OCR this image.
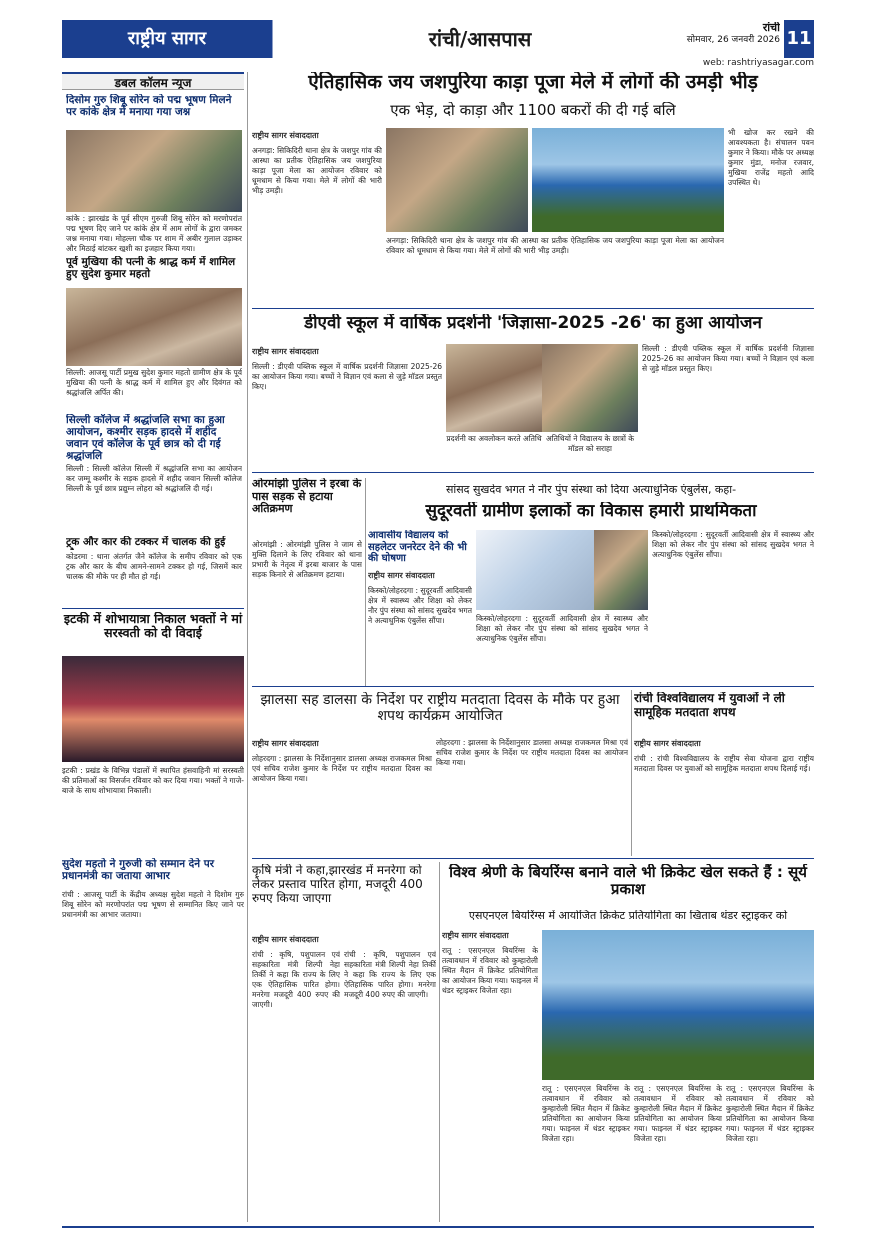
राष्ट्रीय सागर	रांची/आसपास	रांची
सोमवार, 26 जनवरी 2026 11
web: rashtriyasagar.com
डबल कॉलम न्यूज
दिसोम गुरु शिबू सोरेन को पद्म भूषण मिलने पर कांके क्षेत्र में मनाया गया जश्न
कांके : झारखंड के पूर्व सीएम गुरुजी शिबू सोरेन को मरणोपरांत पद्म भूषण दिए जाने पर कांके क्षेत्र में आम लोगों के द्वारा जमकर जश्न मनाया गया। मोहल्ला चौक पर शाम में अबीर गुलाल उड़ाकर और मिठाई बांटकर खुशी का इजहार किया गया।
पूर्व मुखिया की पत्नी के श्राद्ध कर्म में शामिल हुए सुदेश कुमार महतो
सिल्ली: आजसू पार्टी प्रमुख सुदेश कुमार महतो ग्रामीण क्षेत्र के पूर्व मुखिया की पत्नी के श्राद्ध कर्म में शामिल हुए और दिवंगत को श्रद्धांजलि अर्पित की।
सिल्ली कॉलेज में श्रद्धांजलि सभा का हुआ आयोजन, कश्मीर सड़क हादसे में शहीद जवान एवं कॉलेज के पूर्व छात्र को दी गई श्रद्धांजलि
सिल्ली : सिल्ली कॉलेज सिल्ली में श्रद्धांजलि सभा का आयोजन कर जम्मू कश्मीर के सड़क हादसे में शहीद जवान सिल्ली कॉलेज सिल्ली के पूर्व छात्र प्रद्युम्न लोहरा को श्रद्धांजलि दी गई।
ट्रक और कार की टक्कर में चालक की हुई
कोडरमा : थाना अंतर्गत जैने कॉलेज के समीप रविवार को एक ट्रक और कार के बीच आमने-सामने टक्कर हो गई, जिसमें कार चालक की मौके पर ही मौत हो गई।
इटकी में शोभायात्रा निकाल भक्तों ने मां सरस्वती को दी विदाई
इटकी : प्रखंड के विभिन्न पंडालों में स्थापित हंसवाहिनी मां सरस्वती की प्रतिमाओं का विसर्जन रविवार को कर दिया गया। भक्तों ने गाजे-बाजे के साथ शोभायात्रा निकाली।
सुदेश महतो ने गुरुजी को सम्मान देने पर प्रधानमंत्री का जताया आभार
रांची : आजसू पार्टी के केंद्रीय अध्यक्ष सुदेश महतो ने दिशोम गुरु शिबू सोरेन को मरणोपरांत पद्म भूषण से सम्मानित किए जाने पर प्रधानमंत्री का आभार जताया।
ऐतिहासिक जय जशपुरिया काड़ा पूजा मेले में लोगों की उमड़ी भीड़
एक भेड़, दो काड़ा और 1100 बकरों की दी गई बलि
राष्ट्रीय सागर संवाददाता
अनगड़ा: सिकिदिरी थाना क्षेत्र के जशपुर गांव की आस्था का प्रतीक ऐतिहासिक जय जशपुरिया काड़ा पूजा मेला का आयोजन रविवार को धूमधाम से किया गया। मेले में लोगों की भारी भीड़ उमड़ी।
अनगड़ा: सिकिदिरी थाना क्षेत्र के जशपुर गांव की आस्था का प्रतीक ऐतिहासिक जय जशपुरिया काड़ा पूजा मेला का आयोजन रविवार को धूमधाम से किया गया। मेले में लोगों की भारी भीड़ उमड़ी।
भी खोज कर रखने की आवश्यकता है। संचालन पवन कुमार ने किया। मौके पर अध्यक्ष कुमार मुंडा, मनोज रजवार, मुखिया राजेंद्र महतो आदि उपस्थित थे।
डीएवी स्कूल में वार्षिक प्रदर्शनी 'जिज्ञासा-2025 -26' का हुआ आयोजन
राष्ट्रीय सागर संवाददाता
सिल्ली : डीएवी पब्लिक स्कूल में वार्षिक प्रदर्शनी जिज्ञासा 2025-26 का आयोजन किया गया। बच्चों ने विज्ञान एवं कला से जुड़े मॉडल प्रस्तुत किए।
प्रदर्शनी का अवलोकन करते अतिथि अतिथियों ने विद्यालय के छात्रों के मॉडल को सराहा
सिल्ली : डीएवी पब्लिक स्कूल में वार्षिक प्रदर्शनी जिज्ञासा 2025-26 का आयोजन किया गया। बच्चों ने विज्ञान एवं कला से जुड़े मॉडल प्रस्तुत किए।
ओरमांझी पुलिस ने इरबा के पास सड़क से हटाया अतिक्रमण
ओरमांझी : ओरमांझी पुलिस ने जाम से मुक्ति दिलाने के लिए रविवार को थाना प्रभारी के नेतृत्व में इरबा बाजार के पास सड़क किनारे से अतिक्रमण हटाया।
सांसद सुखदेव भगत ने नौर पुंप संस्था को दिया अत्याधुनिक एंबुलेंस, कहा-
सुदूरवर्ती ग्रामीण इलाकों का विकास हमारी प्राथमिकता
आवासीय विद्यालय को सहलेटर जनरेटर देने की भी की घोषणा
राष्ट्रीय सागर संवाददाता
किस्को/लोहरदगा : सुदूरवर्ती आदिवासी क्षेत्र में स्वास्थ्य और शिक्षा को लेकर नौर पुंप संस्था को सांसद सुखदेव भगत ने अत्याधुनिक एंबुलेंस सौंपा।	किस्को/लोहरदगा : सुदूरवर्ती आदिवासी क्षेत्र में स्वास्थ्य और शिक्षा को लेकर नौर पुंप संस्था को सांसद सुखदेव भगत ने अत्याधुनिक एंबुलेंस सौंपा।
किस्को/लोहरदगा : सुदूरवर्ती आदिवासी क्षेत्र में स्वास्थ्य और शिक्षा को लेकर नौर पुंप संस्था को सांसद सुखदेव भगत ने अत्याधुनिक एंबुलेंस सौंपा।
झालसा सह डालसा के निर्देश पर राष्ट्रीय मतदाता दिवस के मौके पर हुआ शपथ कार्यक्रम आयोजित
राष्ट्रीय सागर संवाददाता
लोहरदगा : झालसा के निर्देशानुसार डालसा अध्यक्ष राजकमल मिश्रा एवं सचिव राजेश कुमार के निर्देश पर राष्ट्रीय मतदाता दिवस का आयोजन किया गया।
लोहरदगा : झालसा के निर्देशानुसार डालसा अध्यक्ष राजकमल मिश्रा एवं सचिव राजेश कुमार के निर्देश पर राष्ट्रीय मतदाता दिवस का आयोजन किया गया।
रांची विश्वविद्यालय में युवाओं ने ली सामूहिक मतदाता शपथ
राष्ट्रीय सागर संवाददाता
रांची : रांची विश्वविद्यालय के राष्ट्रीय सेवा योजना द्वारा राष्ट्रीय मतदाता दिवस पर युवाओं को सामूहिक मतदाता शपथ दिलाई गई।
कृषि मंत्री ने कहा,झारखंड में मनरेगा को लेकर प्रस्ताव पारित होगा, मजदूरी 400 रुपए किया जाएगा
राष्ट्रीय सागर संवाददाता
रांची : कृषि, पशुपालन एवं सहकारिता मंत्री शिल्पी नेहा तिर्की ने कहा कि राज्य के लिए एक ऐतिहासिक पारित होगा। मनरेगा मजदूरी 400 रुपए की जाएगी।
रांची : कृषि, पशुपालन एवं सहकारिता मंत्री शिल्पी नेहा तिर्की ने कहा कि राज्य के लिए एक ऐतिहासिक पारित होगा। मनरेगा मजदूरी 400 रुपए की जाएगी।
विश्व श्रेणी के बियरिंग्स बनाने वाले भी क्रिकेट खेल सकते हैं : सूर्य प्रकाश
एसएनएल बियरिंग्स में आयोजित क्रिकेट प्रतियोगिता का खिताब थंडर स्ट्राइकर को
राष्ट्रीय सागर संवाददाता
रातू : एसएनएल बियरिंग्स के तत्वावधान में रविवार को कुम्हारोली स्थित मैदान में क्रिकेट प्रतियोगिता का आयोजन किया गया। फाइनल में थंडर स्ट्राइकर विजेता रहा।
रातू : एसएनएल बियरिंग्स के तत्वावधान में रविवार को कुम्हारोली स्थित मैदान में क्रिकेट प्रतियोगिता का आयोजन किया गया। फाइनल में थंडर स्ट्राइकर विजेता रहा।
रातू : एसएनएल बियरिंग्स के तत्वावधान में रविवार को कुम्हारोली स्थित मैदान में क्रिकेट प्रतियोगिता का आयोजन किया गया। फाइनल में थंडर स्ट्राइकर विजेता रहा।
रातू : एसएनएल बियरिंग्स के तत्वावधान में रविवार को कुम्हारोली स्थित मैदान में क्रिकेट प्रतियोगिता का आयोजन किया गया। फाइनल में थंडर स्ट्राइकर विजेता रहा।
